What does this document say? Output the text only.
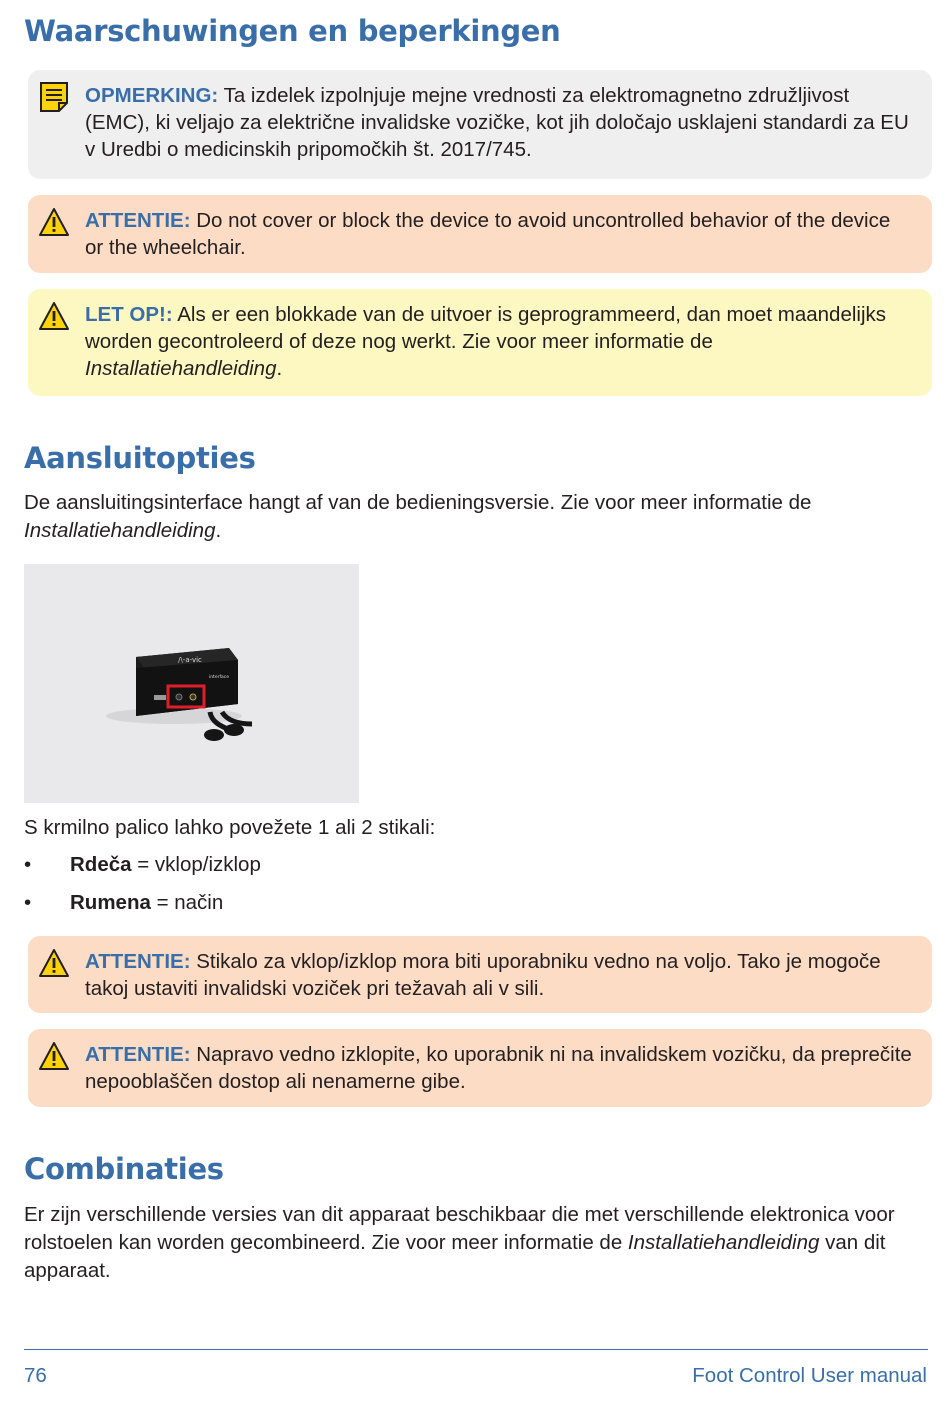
Waarschuwingen en beperkingen
OPMERKING: Ta izdelek izpolnjuje mejne vrednosti za elektromagnetno združljivost (EMC), ki veljajo za električne invalidske vozičke, kot jih določajo usklajeni standardi za EU v Uredbi o medicinskih pripomočkih št. 2017/745.
ATTENTIE: Do not cover or block the device to avoid uncontrolled behavior of the device or the wheelchair.
LET OP!: Als er een blokkade van de uitvoer is geprogrammeerd, dan moet maandelijks worden gecontroleerd of deze nog werkt. Zie voor meer informatie de Installatiehandleiding.
Aansluitopties

De aansluitingsinterface hangt af van de bedieningsversie. Zie voor meer informatie de Installatiehandleiding.

/\-a-vic
interface

S krmilno palico lahko povežete 1 ali 2 stikali:

• Rdeča = vklop/izklop
• Rumena = način
ATTENTIE: Stikalo za vklop/izklop mora biti uporabniku vedno na voljo. Tako je mogoče takoj ustaviti invalidski voziček pri težavah ali v sili.
ATTENTIE: Napravo vedno izklopite, ko uporabnik ni na invalidskem vozičku, da preprečite nepooblaščen dostop ali nenamerne gibe.
Combinaties

Er zijn verschillende versies van dit apparaat beschikbaar die met verschillende elektronica voor rolstoelen kan worden gecombineerd. Zie voor meer informatie de Installatiehandleiding van dit apparaat.

76	Foot Control User manual
